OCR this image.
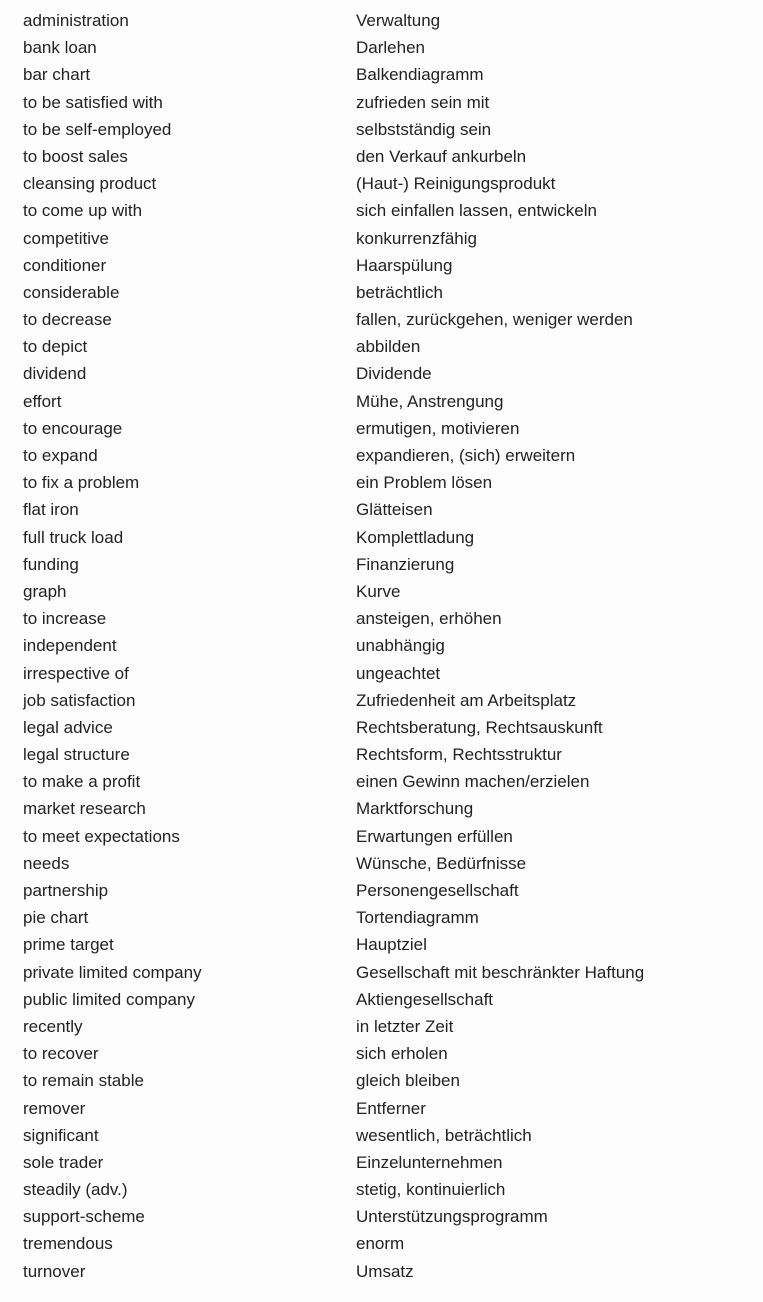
administration	Verwaltung
bank loan	Darlehen
bar chart	Balkendiagramm
to be satisfied with	zufrieden sein mit
to be self-employed	selbstständig sein
to boost sales	den Verkauf ankurbeln
cleansing product	(Haut-) Reinigungsprodukt
to come up with	sich einfallen lassen, entwickeln
competitive	konkurrenzfähig
conditioner	Haarspülung
considerable	beträchtlich
to decrease	fallen, zurückgehen, weniger werden
to depict	abbilden
dividend	Dividende
effort	Mühe, Anstrengung
to encourage	ermutigen, motivieren
to expand	expandieren, (sich) erweitern
to fix a problem	ein Problem lösen
flat iron	Glätteisen
full truck load	Komplettladung
funding	Finanzierung
graph	Kurve
to increase	ansteigen, erhöhen
independent	unabhängig
irrespective of	ungeachtet
job satisfaction	Zufriedenheit am Arbeitsplatz
legal advice	Rechtsberatung, Rechtsauskunft
legal structure	Rechtsform, Rechtsstruktur
to make a profit	einen Gewinn machen/erzielen
market research	Marktforschung
to meet expectations	Erwartungen erfüllen
needs	Wünsche, Bedürfnisse
partnership	Personengesellschaft
pie chart	Tortendiagramm
prime target	Hauptziel
private limited company	Gesellschaft mit beschränkter Haftung
public limited company	Aktiengesellschaft
recently	in letzter Zeit
to recover	sich erholen
to remain stable	gleich bleiben
remover	Entferner
significant	wesentlich, beträchtlich
sole trader	Einzelunternehmen
steadily (adv.)	stetig, kontinuierlich
support-scheme	Unterstützungsprogramm
tremendous	enorm
turnover	Umsatz
